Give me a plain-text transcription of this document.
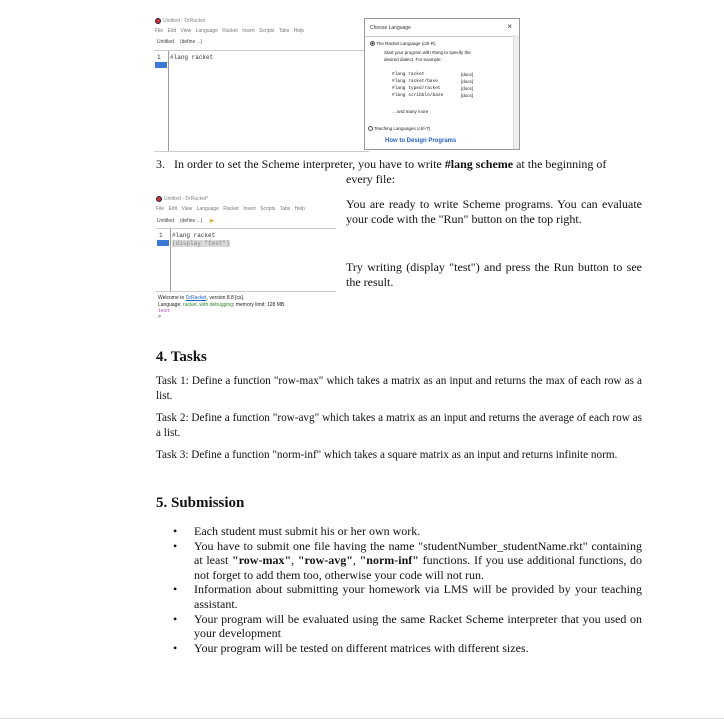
Untitled - DrRacket
File Edit View Language Racket Insert Scripts Tabs Help
Untitled (define ...)
1 #lang racket
Choose Language	×
The Racket Language (ctrl-R)
Start your program with #lang to specify the
desired dialect. For example:
#lang racket	[docs]
#lang racket/base	[docs]
#lang typed/racket	[docs]
#lang scribble/base	[docs]
... and many more
Teaching Languages (ctrl-T)
How to Design Programs
3. In order to set the Scheme interpreter, you have to write #lang scheme at the beginning of
every file:
Untitled - DrRacket*
File Edit View Language Racket Insert Scripts Tabs Help
Untitled (define ...) ➤
1 #lang racket
(display "test")
Welcome to DrRacket, version 8.8 [cs].
Language: racket, with debugging; memory limit: 128 MB.
test
>
You are ready to write Scheme programs. You can evaluate your code with the "Run" button on the top right.
Try writing (display "test") and press the Run button to see the result.
4. Tasks
Task 1: Define a function "row-max" which takes a matrix as an input and returns the max of each row as a list.
Task 2: Define a function "row-avg" which takes a matrix as an input and returns the average of each row as a list.
Task 3: Define a function "norm-inf" which takes a square matrix as an input and returns infinite norm.
5. Submission
• Each student must submit his or her own work.
• You have to submit one file having the name "studentNumber_studentName.rkt" containing at least "row-max", "row-avg", "norm-inf" functions. If you use additional functions, do not forget to add them too, otherwise your code will not run.
• Information about submitting your homework via LMS will be provided by your teaching assistant.
• Your program will be evaluated using the same Racket Scheme interpreter that you used on your development
• Your program will be tested on different matrices with different sizes.
